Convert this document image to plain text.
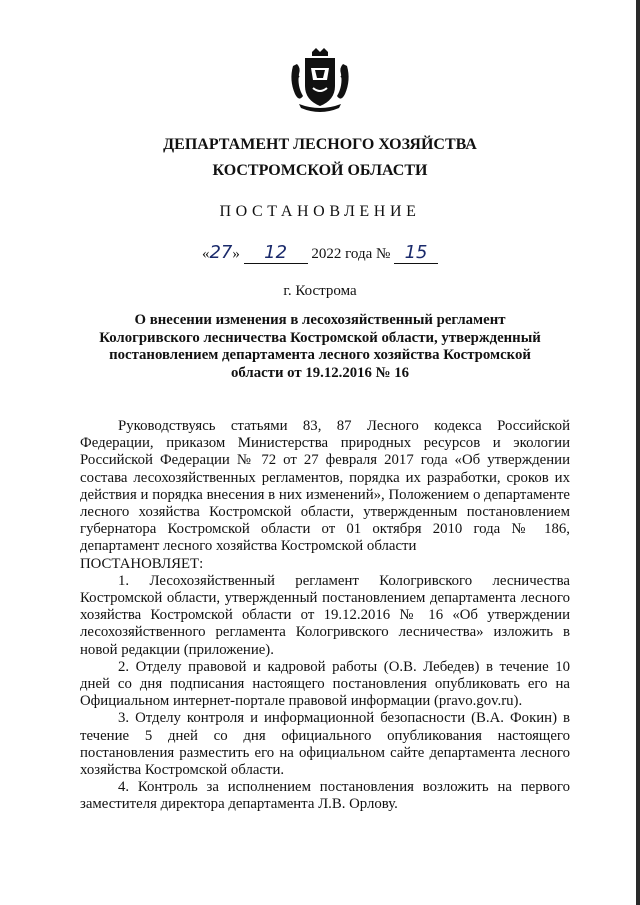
ДЕПАРТАМЕНТ ЛЕСНОГО ХОЗЯЙСТВА
КОСТРОМСКОЙ ОБЛАСТИ
ПОСТАНОВЛЕНИЕ
«27» 12 2022 года № 15
г. Кострома
О внесении изменения в лесохозяйственный регламент Кологривского лесничества Костромской области, утвержденный постановлением департамента лесного хозяйства Костромской области от 19.12.2016 № 16

Руководствуясь статьями 83, 87 Лесного кодекса Российской Федерации, приказом Министерства природных ресурсов и экологии Российской Федерации № 72 от 27 февраля 2017 года «Об утверждении состава лесохозяйственных регламентов, порядка их разработки, сроков их действия и порядка внесения в них изменений», Положением о департаменте лесного хозяйства Костромской области, утвержденным постановлением губернатора Костромской области от 01 октября 2010 года № 186, департамент лесного хозяйства Костромской области

ПОСТАНОВЛЯЕТ:

1. Лесохозяйственный регламент Кологривского лесничества Костромской области, утвержденный постановлением департамента лесного хозяйства Костромской области от 19.12.2016 № 16 «Об утверждении лесохозяйственного регламента Кологривского лесничества» изложить в новой редакции (приложение).

2. Отделу правовой и кадровой работы (О.В. Лебедев) в течение 10 дней со дня подписания настоящего постановления опубликовать его на Официальном интернет-портале правовой информации (pravo.gov.ru).

3. Отделу контроля и информационной безопасности (В.А. Фокин) в течение 5 дней со дня официального опубликования настоящего постановления разместить его на официальном сайте департамента лесного хозяйства Костромской области.

4. Контроль за исполнением постановления возложить на первого заместителя директора департамента Л.В. Орлову.
